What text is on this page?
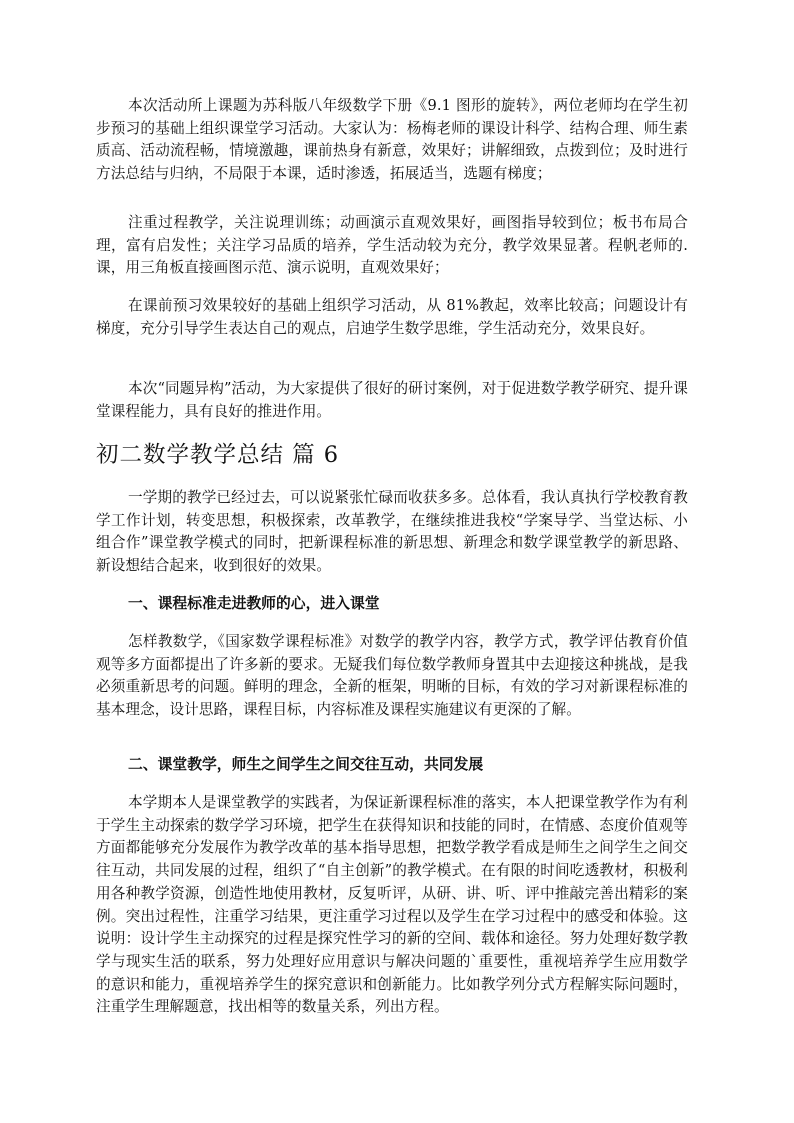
本次活动所上课题为苏科版八年级数学下册《9.1 图形的旋转》，两位老师均在学生初步预习的基础上组织课堂学习活动。大家认为：杨梅老师的课设计科学、结构合理、师生素质高、活动流程畅，情境激趣，课前热身有新意，效果好；讲解细致，点拨到位；及时进行方法总结与归纳，不局限于本课，适时渗透，拓展适当，选题有梯度；

注重过程教学，关注说理训练；动画演示直观效果好，画图指导较到位；板书布局合理，富有启发性；关注学习品质的培养，学生活动较为充分，教学效果显著。程帆老师的.课，用三角板直接画图示范、演示说明，直观效果好；

在课前预习效果较好的基础上组织学习活动，从 81%教起，效率比较高；问题设计有梯度，充分引导学生表达自己的观点，启迪学生数学思维，学生活动充分，效果良好。

本次“同题异构”活动，为大家提供了很好的研讨案例，对于促进数学教学研究、提升课堂课程能力，具有良好的推进作用。

初二数学教学总结 篇 6

一学期的教学已经过去，可以说紧张忙碌而收获多多。总体看，我认真执行学校教育教学工作计划，转变思想，积极探索，改革教学，在继续推进我校“学案导学、当堂达标、小组合作”课堂教学模式的同时，把新课程标准的新思想、新理念和数学课堂教学的新思路、新设想结合起来，收到很好的效果。

一、课程标准走进教师的心，进入课堂

怎样教数学，《国家数学课程标准》对数学的教学内容，教学方式，教学评估教育价值观等多方面都提出了许多新的要求。无疑我们每位数学教师身置其中去迎接这种挑战，是我必须重新思考的问题。鲜明的理念，全新的框架，明晰的目标，有效的学习对新课程标准的基本理念，设计思路，课程目标，内容标准及课程实施建议有更深的了解。

二、课堂教学，师生之间学生之间交往互动，共同发展

本学期本人是课堂教学的实践者，为保证新课程标准的落实，本人把课堂教学作为有利于学生主动探索的数学学习环境，把学生在获得知识和技能的同时，在情感、态度价值观等方面都能够充分发展作为教学改革的基本指导思想，把数学教学看成是师生之间学生之间交往互动，共同发展的过程，组织了“自主创新”的教学模式。在有限的时间吃透教材，积极利用各种教学资源，创造性地使用教材，反复听评，从研、讲、听、评中推敲完善出精彩的案例。突出过程性，注重学习结果，更注重学习过程以及学生在学习过程中的感受和体验。这说明：设计学生主动探究的过程是探究性学习的新的空间、载体和途径。努力处理好数学教学与现实生活的联系，努力处理好应用意识与解决问题的`重要性，重视培养学生应用数学的意识和能力，重视培养学生的探究意识和创新能力。比如教学列分式方程解实际问题时，注重学生理解题意，找出相等的数量关系，列出方程。
